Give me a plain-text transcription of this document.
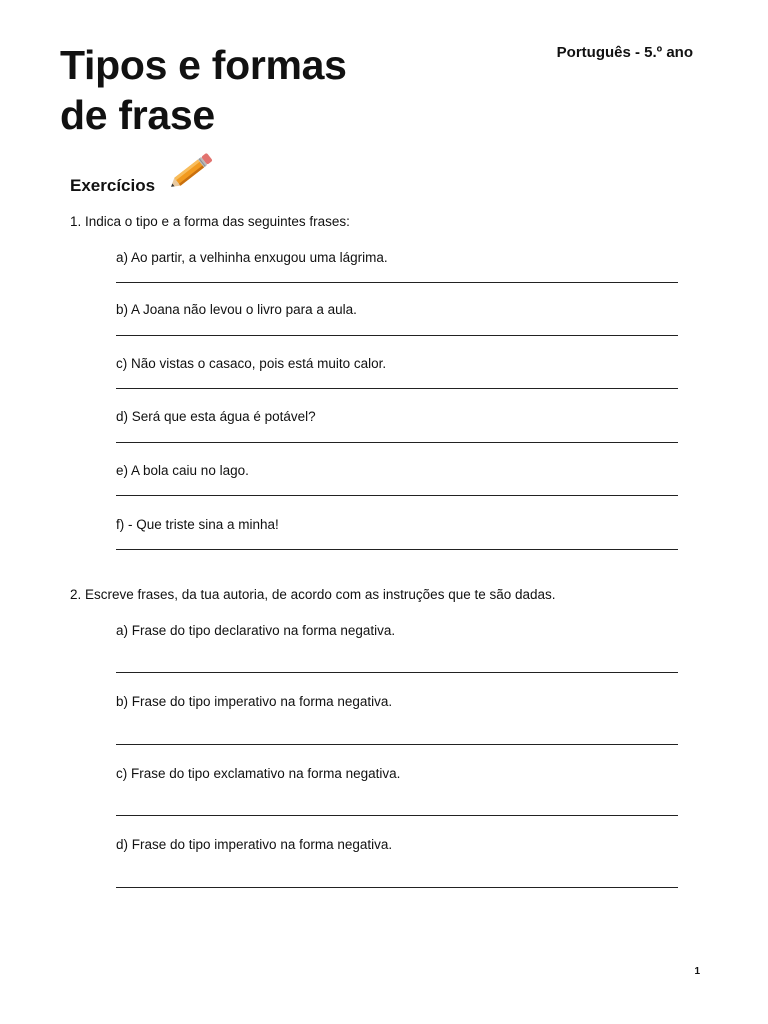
Tipos e formas
de frase
Português - 5.º ano
Exercícios
1. Indica o tipo e a forma das seguintes frases:
a) Ao partir, a velhinha enxugou uma lágrima.
b) A Joana não levou o livro para a aula.
c) Não vistas o casaco, pois está muito calor.
d) Será que esta água é potável?
e) A bola caiu no lago.
f) - Que triste sina a minha!
2. Escreve frases, da tua autoria, de acordo com as instruções que te são dadas.
a) Frase do tipo declarativo na forma negativa.
b) Frase do tipo imperativo na forma negativa.
c) Frase do tipo exclamativo na forma negativa.
d) Frase do tipo imperativo na forma negativa.
1
